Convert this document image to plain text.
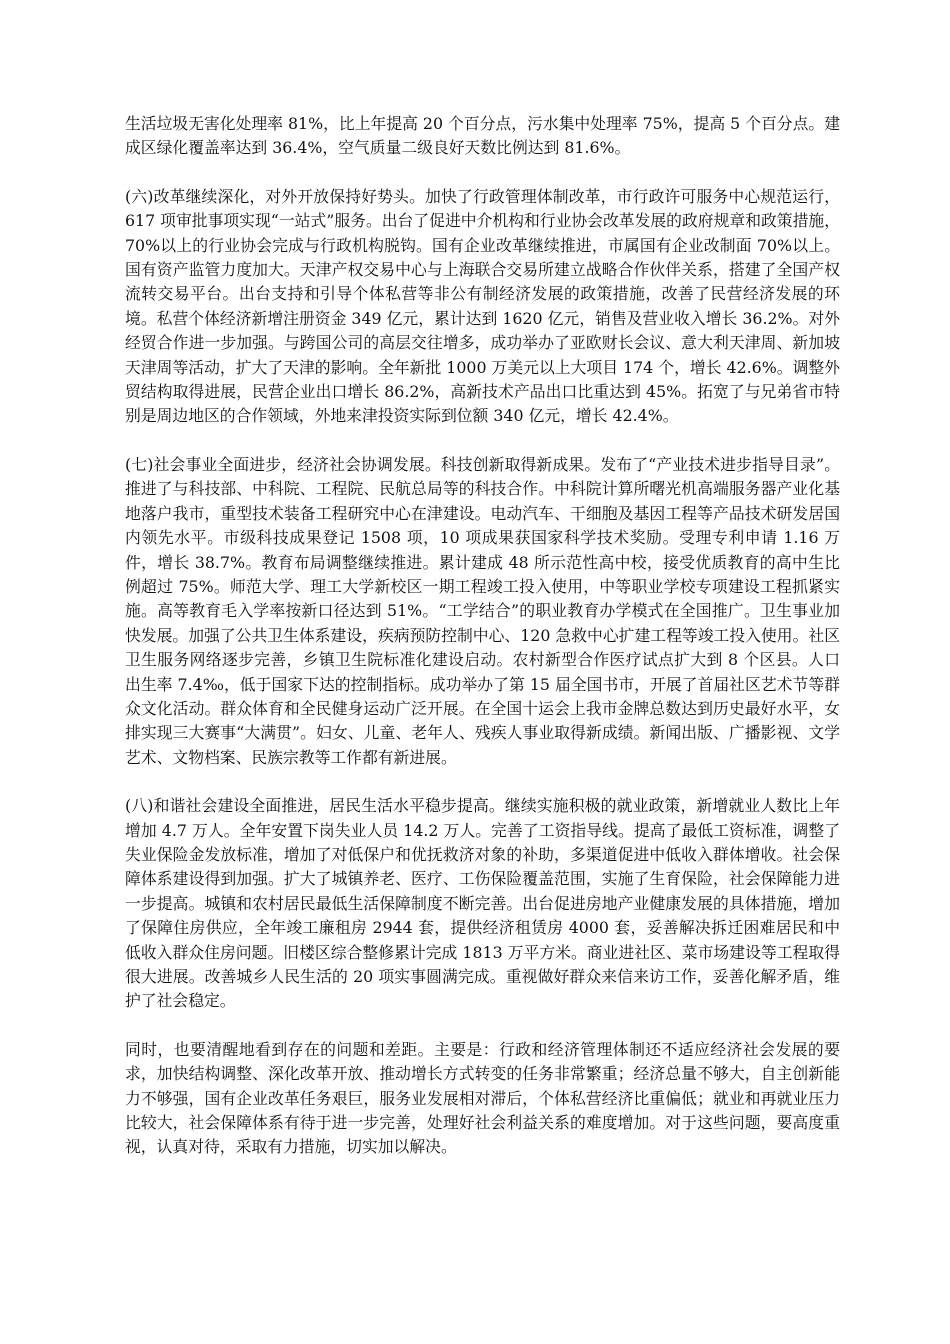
生活垃圾无害化处理率 81%，比上年提高 20 个百分点，污水集中处理率 75%，提高 5 个百分点。建成区绿化覆盖率达到 36.4%，空气质量二级良好天数比例达到 81.6%。

(六)改革继续深化，对外开放保持好势头。加快了行政管理体制改革，市行政许可服务中心规范运行，617 项审批事项实现“一站式”服务。出台了促进中介机构和行业协会改革发展的政府规章和政策措施，70%以上的行业协会完成与行政机构脱钩。国有企业改革继续推进，市属国有企业改制面 70%以上。国有资产监管力度加大。天津产权交易中心与上海联合交易所建立战略合作伙伴关系，搭建了全国产权流转交易平台。出台支持和引导个体私营等非公有制经济发展的政策措施，改善了民营经济发展的环境。私营个体经济新增注册资金 349 亿元，累计达到 1620 亿元，销售及营业收入增长 36.2%。对外经贸合作进一步加强。与跨国公司的高层交往增多，成功举办了亚欧财长会议、意大利天津周、新加坡天津周等活动，扩大了天津的影响。全年新批 1000 万美元以上大项目 174 个，增长 42.6%。调整外贸结构取得进展，民营企业出口增长 86.2%，高新技术产品出口比重达到 45%。拓宽了与兄弟省市特别是周边地区的合作领域，外地来津投资实际到位额 340 亿元，增长 42.4%。

(七)社会事业全面进步，经济社会协调发展。科技创新取得新成果。发布了“产业技术进步指导目录”。推进了与科技部、中科院、工程院、民航总局等的科技合作。中科院计算所曙光机高端服务器产业化基地落户我市，重型技术装备工程研究中心在津建设。电动汽车、干细胞及基因工程等产品技术研发居国内领先水平。市级科技成果登记 1508 项，10 项成果获国家科学技术奖励。受理专利申请 1.16 万件，增长 38.7%。教育布局调整继续推进。累计建成 48 所示范性高中校，接受优质教育的高中生比例超过 75%。师范大学、理工大学新校区一期工程竣工投入使用，中等职业学校专项建设工程抓紧实施。高等教育毛入学率按新口径达到 51%。“工学结合”的职业教育办学模式在全国推广。卫生事业加快发展。加强了公共卫生体系建设，疾病预防控制中心、120 急救中心扩建工程等竣工投入使用。社区卫生服务网络逐步完善，乡镇卫生院标准化建设启动。农村新型合作医疗试点扩大到 8 个区县。人口出生率 7.4‰，低于国家下达的控制指标。成功举办了第 15 届全国书市，开展了首届社区艺术节等群众文化活动。群众体育和全民健身运动广泛开展。在全国十运会上我市金牌总数达到历史最好水平，女排实现三大赛事“大满贯”。妇女、儿童、老年人、残疾人事业取得新成绩。新闻出版、广播影视、文学艺术、文物档案、民族宗教等工作都有新进展。

(八)和谐社会建设全面推进，居民生活水平稳步提高。继续实施积极的就业政策，新增就业人数比上年增加 4.7 万人。全年安置下岗失业人员 14.2 万人。完善了工资指导线。提高了最低工资标准，调整了失业保险金发放标准，增加了对低保户和优抚救济对象的补助，多渠道促进中低收入群体增收。社会保障体系建设得到加强。扩大了城镇养老、医疗、工伤保险覆盖范围，实施了生育保险，社会保障能力进一步提高。城镇和农村居民最低生活保障制度不断完善。出台促进房地产业健康发展的具体措施，增加了保障住房供应，全年竣工廉租房 2944 套，提供经济租赁房 4000 套，妥善解决拆迁困难居民和中低收入群众住房问题。旧楼区综合整修累计完成 1813 万平方米。商业进社区、菜市场建设等工程取得很大进展。改善城乡人民生活的 20 项实事圆满完成。重视做好群众来信来访工作，妥善化解矛盾，维护了社会稳定。

同时，也要清醒地看到存在的问题和差距。主要是：行政和经济管理体制还不适应经济社会发展的要求，加快结构调整、深化改革开放、推动增长方式转变的任务非常繁重；经济总量不够大，自主创新能力不够强，国有企业改革任务艰巨，服务业发展相对滞后，个体私营经济比重偏低；就业和再就业压力比较大，社会保障体系有待于进一步完善，处理好社会利益关系的难度增加。对于这些问题，要高度重视，认真对待，采取有力措施，切实加以解决。
